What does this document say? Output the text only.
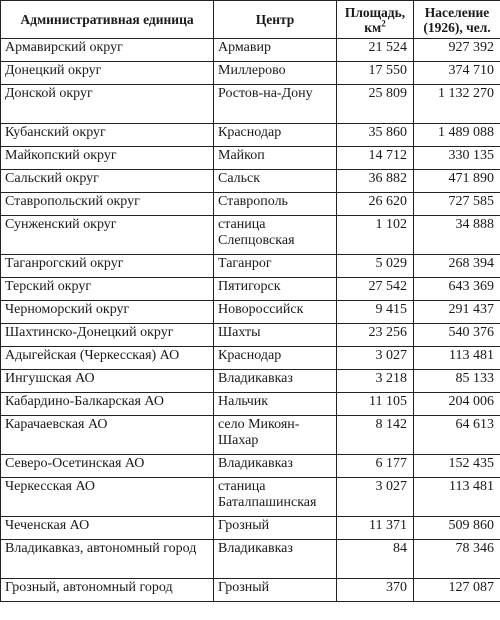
Административная единица	Центр	Площадь, $км^2$	Население (1926), чел.
Армавирский округ	Армавир	21 524	927 392
Донецкий округ	Миллерово	17 550	374 710
Донской округ	Ростов-на-Дону	25 809	1 132 270
Кубанский округ	Краснодар	35 860	1 489 088
Майкопский округ	Майкоп	14 712	330 135
Сальский округ	Сальск	36 882	471 890
Ставропольский округ	Ставрополь	26 620	727 585
Сунженский округ	станица Слепцовская	1 102	34 888
Таганрогский округ	Таганрог	5 029	268 394
Терский округ	Пятигорск	27 542	643 369
Черноморский округ	Новороссийск	9 415	291 437
Шахтинско-Донецкий округ	Шахты	23 256	540 376
Адыгейская (Черкесская) АО	Краснодар	3 027	113 481
Ингушская АО	Владикавказ	3 218	85 133
Кабардино-Балкарская АО	Нальчик	11 105	204 006
Карачаевская АО	село Микоян-Шахар	8 142	64 613
Северо-Осетинская АО	Владикавказ	6 177	152 435
Черкесская АО	станица Баталпашинская	3 027	113 481
Чеченская АО	Грозный	11 371	509 860
Владикавказ, автономный город	Владикавказ	84	78 346
Грозный, автономный город	Грозный	370	127 087
